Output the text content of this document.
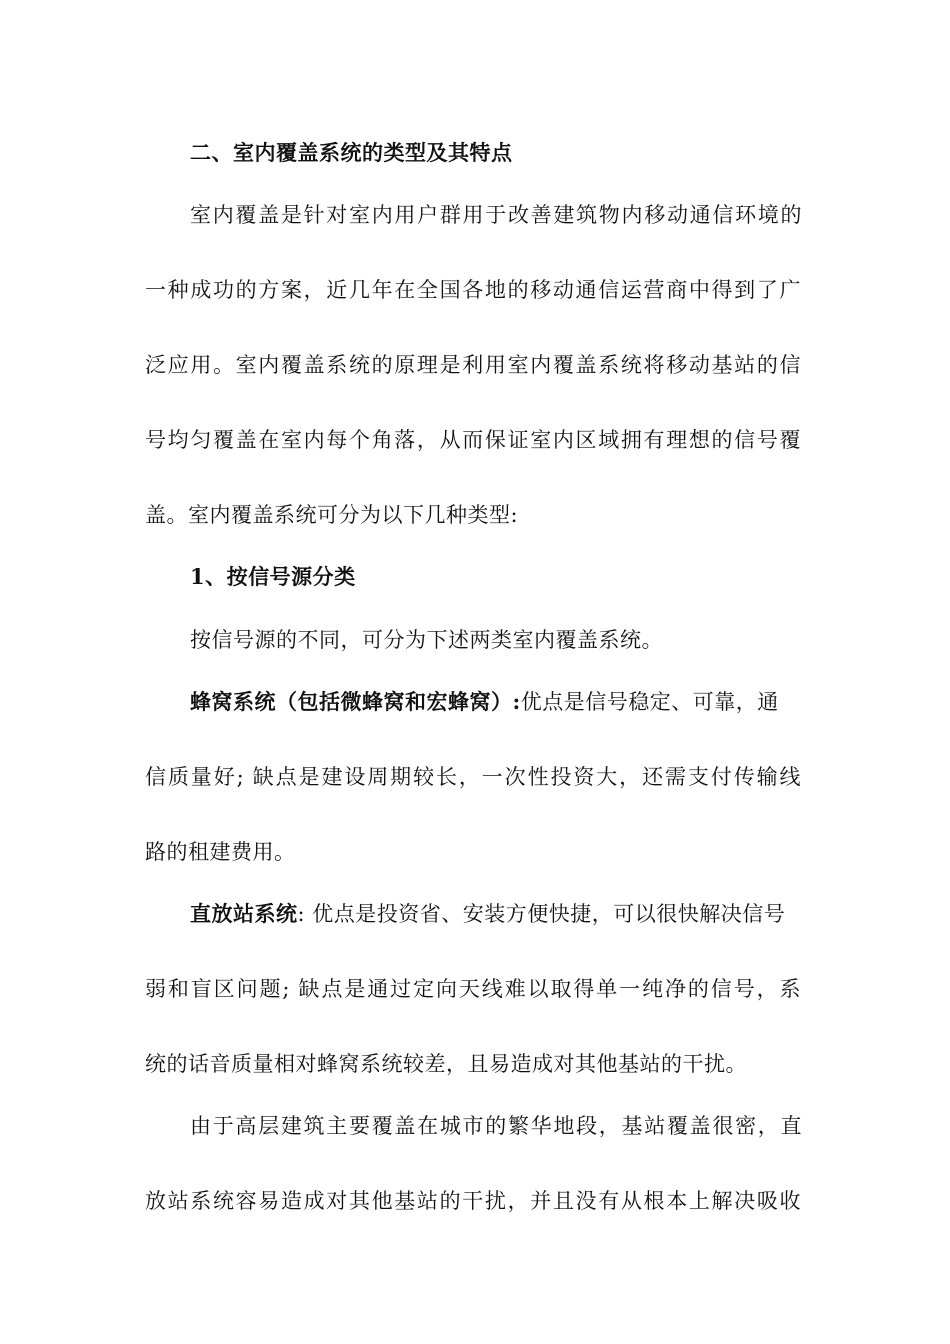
二、室内覆盖系统的类型及其特点
室内覆盖是针对室内用户群用于改善建筑物内移动通信环境的
一种成功的方案，近几年在全国各地的移动通信运营商中得到了广
泛应用。室内覆盖系统的原理是利用室内覆盖系统将移动基站的信
号均匀覆盖在室内每个角落，从而保证室内区域拥有理想的信号覆
盖。室内覆盖系统可分为以下几种类型:
1、按信号源分类
按信号源的不同，可分为下述两类室内覆盖系统。
蜂窝系统（包括微蜂窝和宏蜂窝）:优点是信号稳定、可靠，通
信质量好; 缺点是建设周期较长，一次性投资大，还需支付传输线
路的租建费用。
直放站系统: 优点是投资省、安装方便快捷，可以很快解决信号
弱和盲区问题; 缺点是通过定向天线难以取得单一纯净的信号，系
统的话音质量相对蜂窝系统较差，且易造成对其他基站的干扰。
由于高层建筑主要覆盖在城市的繁华地段，基站覆盖很密，直
放站系统容易造成对其他基站的干扰，并且没有从根本上解决吸收
